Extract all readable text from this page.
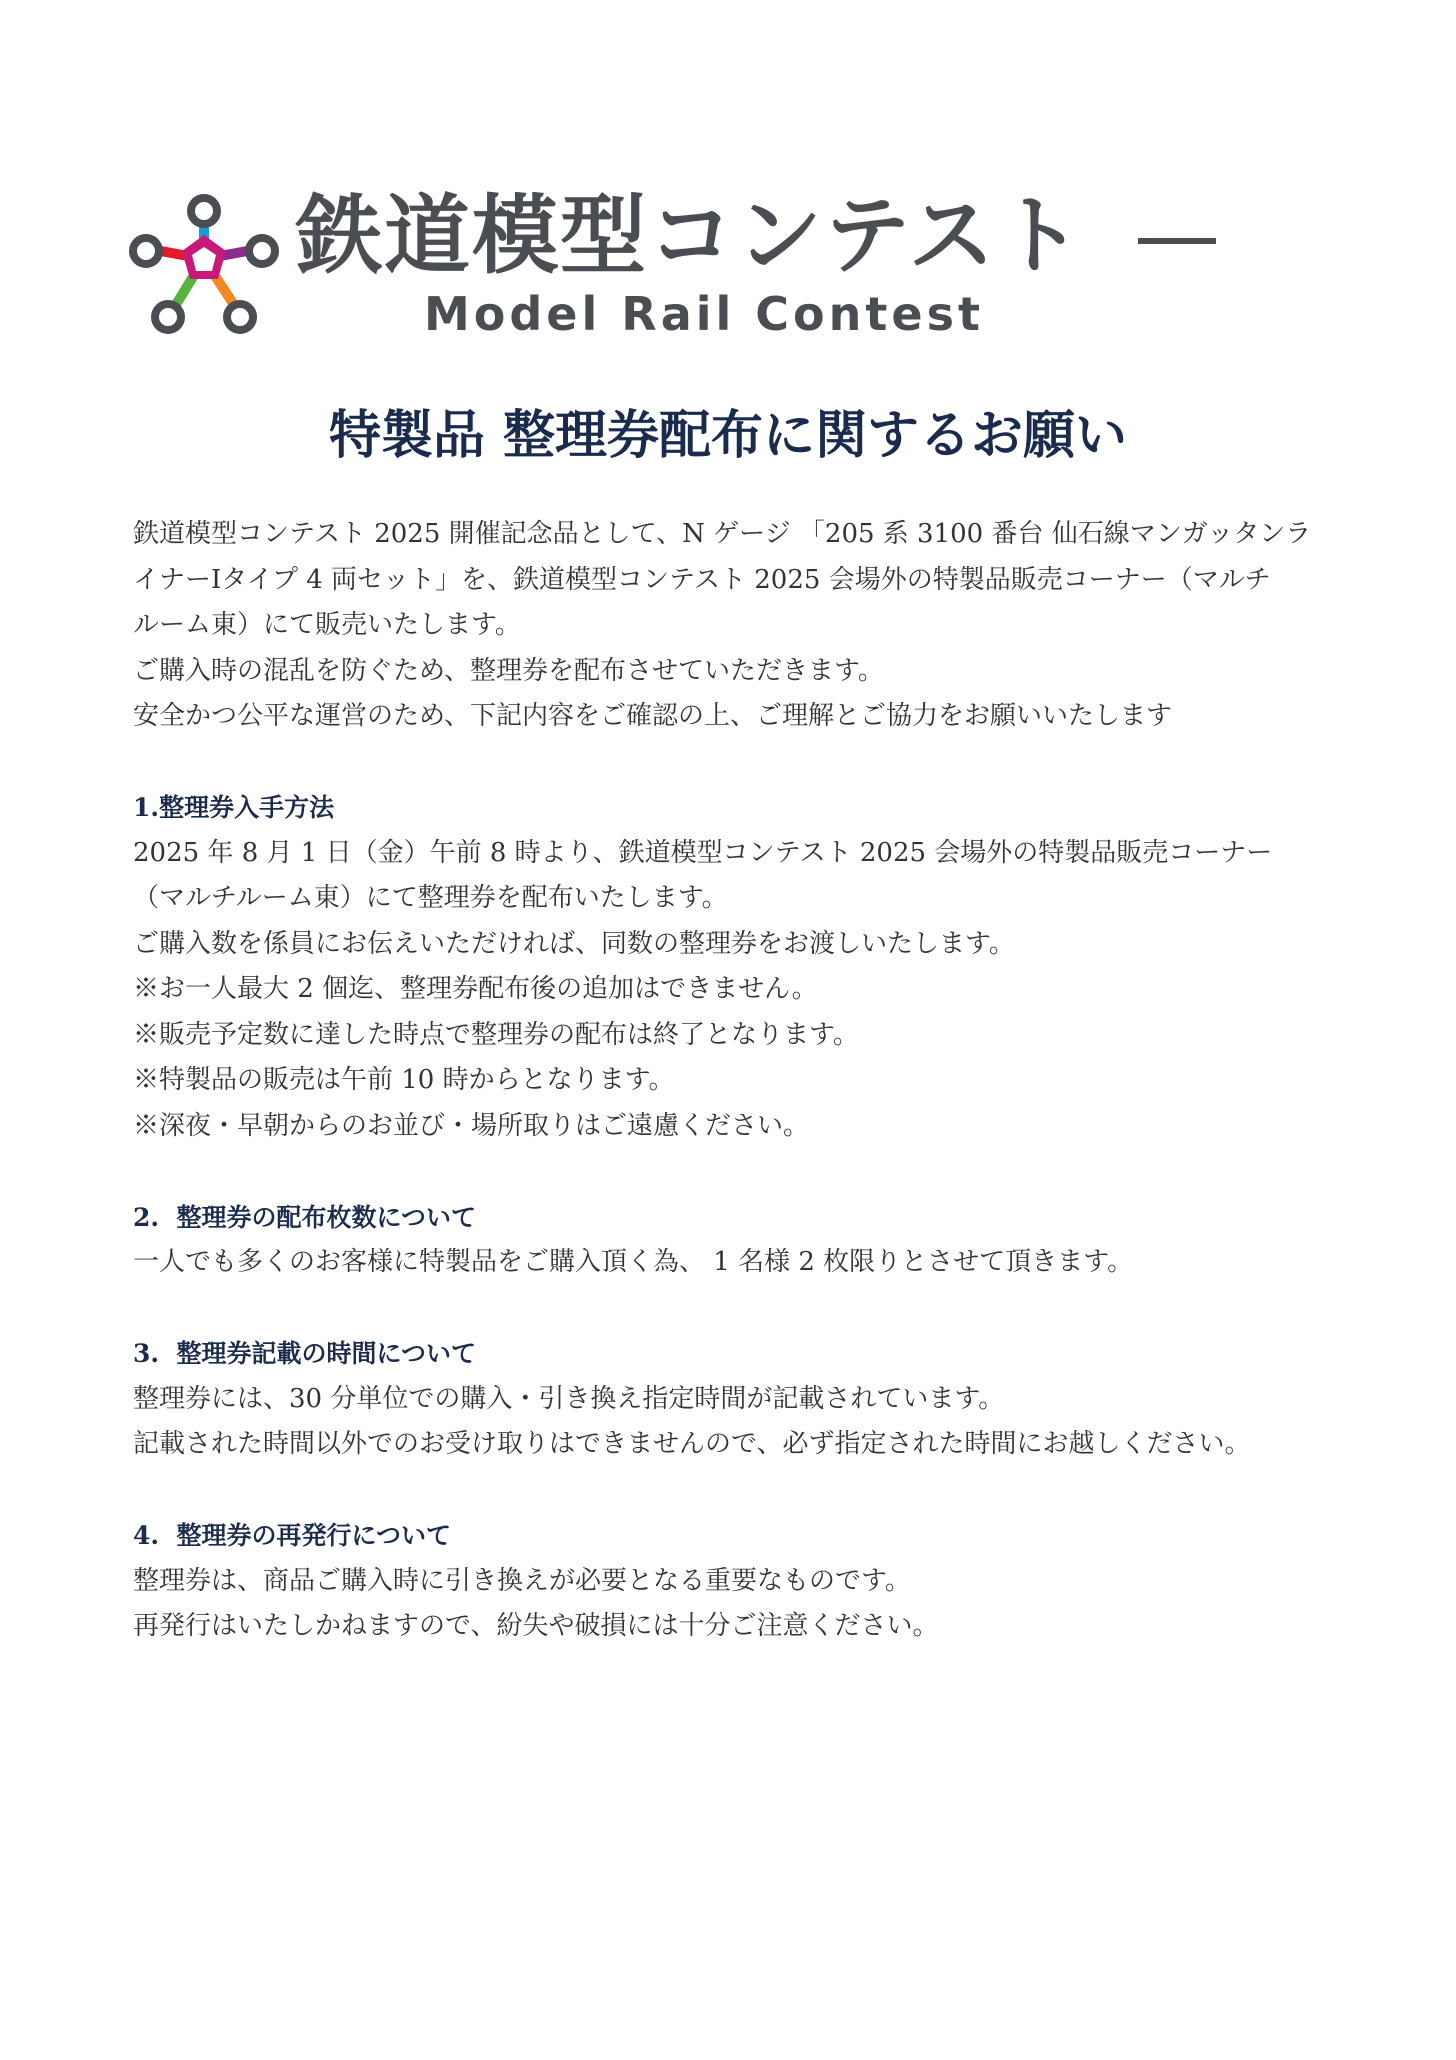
鉄道模型コンテスト
Model Rail Contest
特製品 整理券配布に関するお願い

鉄道模型コンテスト 2025 開催記念品として、N ゲージ 「205 系 3100 番台 仙石線マンガッタンラ

イナーⅠタイプ 4 両セット」を、鉄道模型コンテスト 2025 会場外の特製品販売コーナー（マルチ

ルーム東）にて販売いたします。

ご購入時の混乱を防ぐため、整理券を配布させていただきます。

安全かつ公平な運営のため、下記内容をご確認の上、ご理解とご協力をお願いいたします

1.整理券入手方法

2025 年 8 月 1 日（金）午前 8 時より、鉄道模型コンテスト 2025 会場外の特製品販売コーナー

（マルチルーム東）にて整理券を配布いたします。

ご購入数を係員にお伝えいただければ、同数の整理券をお渡しいたします。

※お一人最大 2 個迄、整理券配布後の追加はできません。

※販売予定数に達した時点で整理券の配布は終了となります。

※特製品の販売は午前 10 時からとなります。

※深夜・早朝からのお並び・場所取りはご遠慮ください。

2.  整理券の配布枚数について

一人でも多くのお客様に特製品をご購入頂く為、 1 名様 2 枚限りとさせて頂きます。

3.  整理券記載の時間について

整理券には、30 分単位での購入・引き換え指定時間が記載されています。

記載された時間以外でのお受け取りはできませんので、必ず指定された時間にお越しください。

4.  整理券の再発行について

整理券は、商品ご購入時に引き換えが必要となる重要なものです。

再発行はいたしかねますので、紛失や破損には十分ご注意ください。
